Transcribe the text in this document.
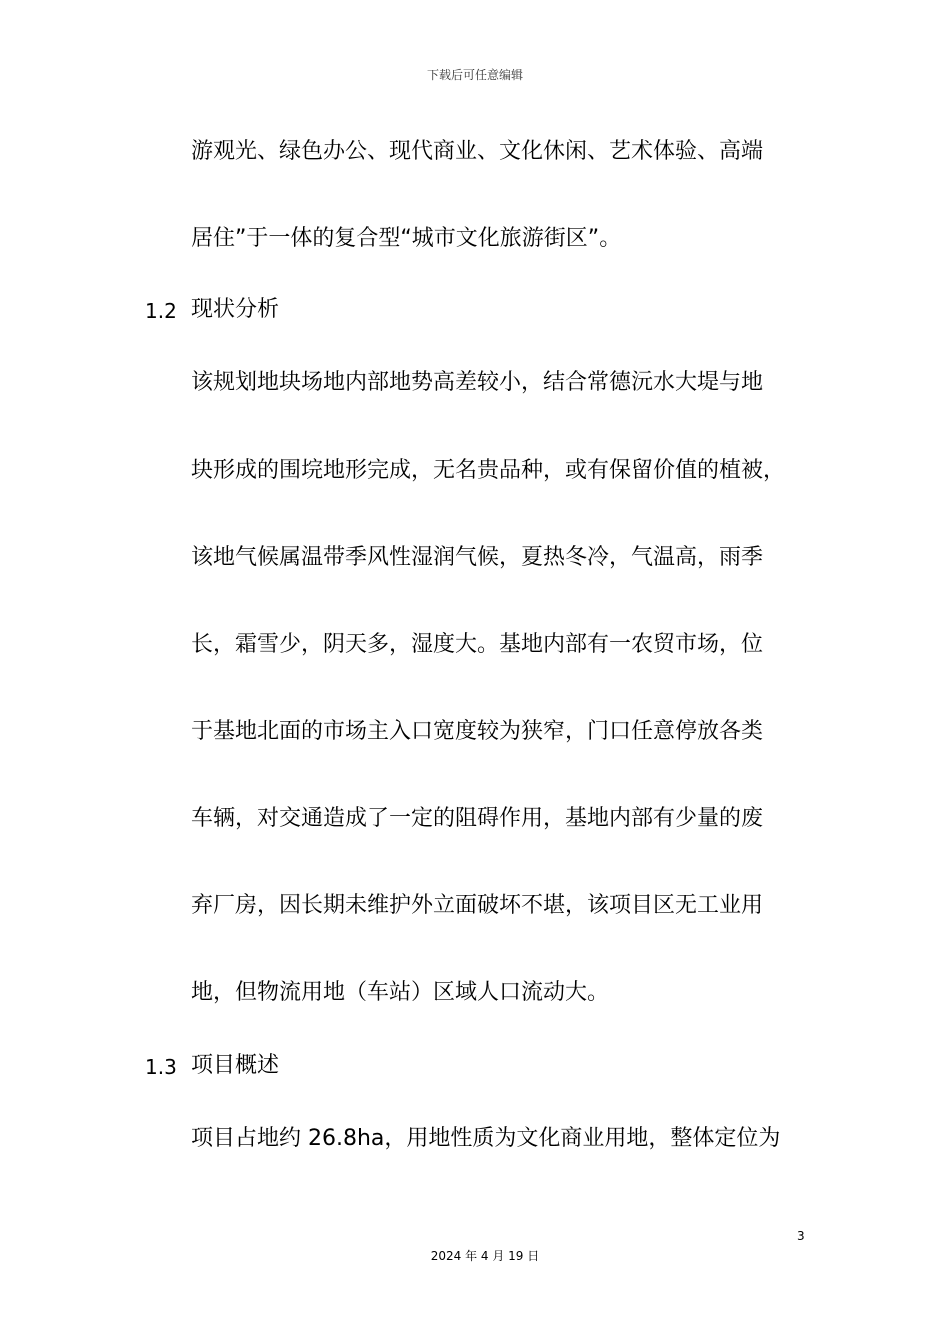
下载后可任意编辑
游观光、绿色办公、现代商业、文化休闲、艺术体验、高端
居住”于一体的复合型“城市文化旅游街区”。
1.2 现状分析
该规划地块场地内部地势高差较小，结合常德沅水大堤与地
块形成的围垸地形完成，无名贵品种，或有保留价值的植被，
该地气候属温带季风性湿润气候，夏热冬冷，气温高，雨季
长，霜雪少，阴天多，湿度大。基地内部有一农贸市场，位
于基地北面的市场主入口宽度较为狭窄，门口任意停放各类
车辆，对交通造成了一定的阻碍作用，基地内部有少量的废
弃厂房，因长期未维护外立面破坏不堪，该项目区无工业用
地，但物流用地（车站）区域人口流动大。
1.3 项目概述
项目占地约 26.8ha，用地性质为文化商业用地，整体定位为
3
2024 年 4 月 19 日
